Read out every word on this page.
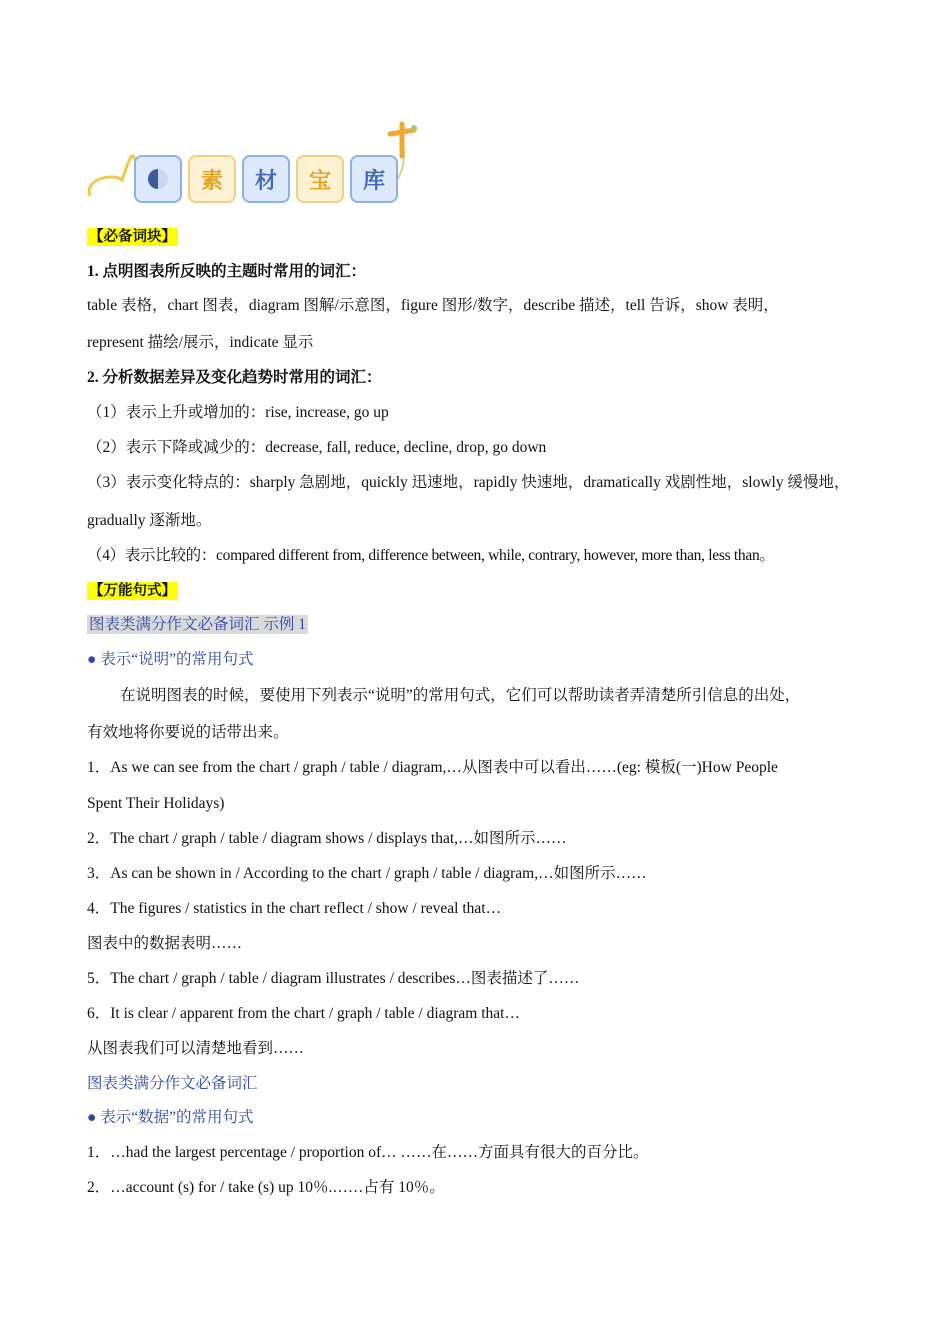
素	材	宝	库
【必备词块】
1. 点明图表所反映的主题时常用的词汇：
table 表格，chart 图表，diagram 图解/示意图，figure 图形/数字，describe 描述，tell 告诉，show 表明，
represent 描绘/展示，indicate 显示
2. 分析数据差异及变化趋势时常用的词汇：
（1）表示上升或增加的：rise, increase, go up
（2）表示下降或减少的：decrease, fall, reduce, decline, drop, go down
（3）表示变化特点的：sharply 急剧地，quickly 迅速地，rapidly 快速地，dramatically 戏剧性地，slowly 缓慢地，
gradually 逐渐地。
（4）表示比较的：compared different from, difference between, while, contrary, however, more than, less than。
【万能句式】
图表类满分作文必备词汇 示例 1
● 表示“说明”的常用句式
在说明图表的时候，要使用下列表示“说明”的常用句式，它们可以帮助读者弄清楚所引信息的出处，
有效地将你要说的话带出来。
1．As we can see from the chart / graph / table / diagram,…从图表中可以看出……(eg: 模板(一)How People
Spent Their Holidays)
2．The chart / graph / table / diagram shows / displays that,…如图所示……
3．As can be shown in / According to the chart / graph / table / diagram,…如图所示……
4．The figures / statistics in the chart reflect / show / reveal that…
图表中的数据表明……
5．The chart / graph / table / diagram illustrates / describes…图表描述了……
6．It is clear / apparent from the chart / graph / table / diagram that…
从图表我们可以清楚地看到……
图表类满分作文必备词汇
● 表示“数据”的常用句式
1．…had the largest percentage / proportion of… ……在……方面具有很大的百分比。
2．…account (s) for / take (s) up 10％.……占有 10％。
